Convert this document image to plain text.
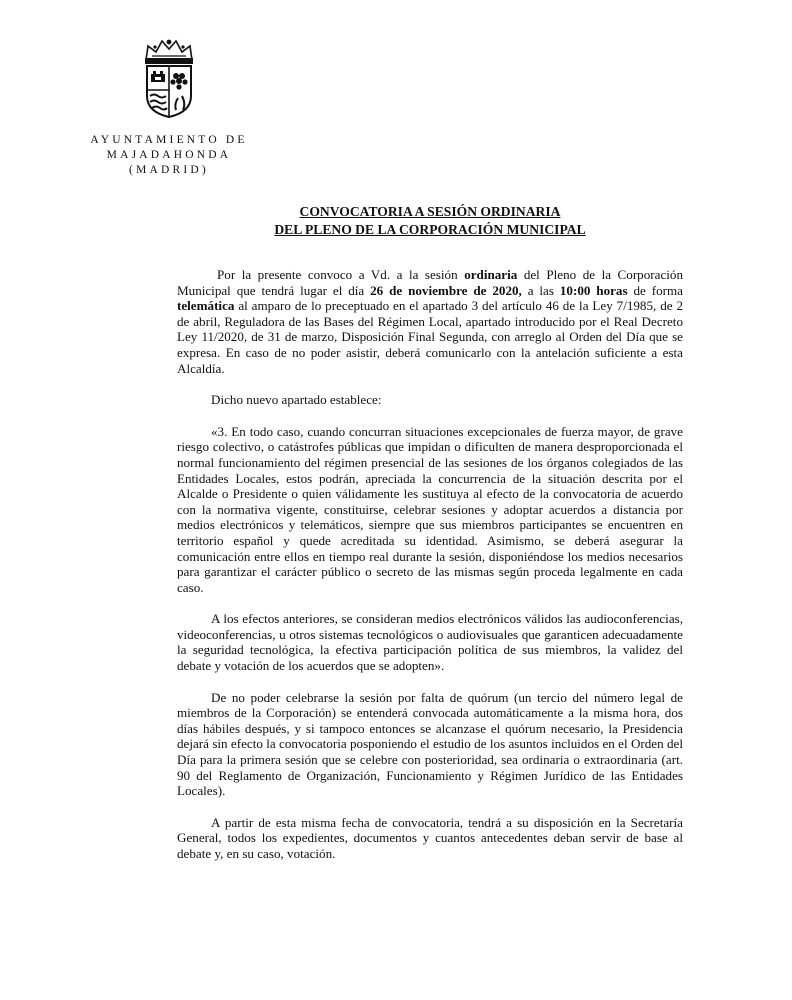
AYUNTAMIENTO DE
MAJADAHONDA
(MADRID)
CONVOCATORIA A SESIÓN ORDINARIA
DEL PLENO DE LA CORPORACIÓN MUNICIPAL

Por la presente convoco a Vd. a la sesión ordinaria del Pleno de la Corporación Municipal que tendrá lugar el día 26 de noviembre de 2020, a las 10:00 horas de forma telemática al amparo de lo preceptuado en el apartado 3 del artículo 46 de la Ley 7/1985, de 2 de abril, Reguladora de las Bases del Régimen Local, apartado introducido por el Real Decreto Ley 11/2020, de 31 de marzo, Disposición Final Segunda, con arreglo al Orden del Día que se expresa. En caso de no poder asistir, deberá comunicarlo con la antelación suficiente a esta Alcaldía.

Dicho nuevo apartado establece:

«3. En todo caso, cuando concurran situaciones excepcionales de fuerza mayor, de grave riesgo colectivo, o catástrofes públicas que impidan o dificulten de manera desproporcionada el normal funcionamiento del régimen presencial de las sesiones de los órganos colegiados de las Entidades Locales, estos podrán, apreciada la concurrencia de la situación descrita por el Alcalde o Presidente o quien válidamente les sustituya al efecto de la convocatoria de acuerdo con la normativa vigente, constituirse, celebrar sesiones y adoptar acuerdos a distancia por medios electrónicos y telemáticos, siempre que sus miembros participantes se encuentren en territorio español y quede acreditada su identidad. Asimismo, se deberá asegurar la comunicación entre ellos en tiempo real durante la sesión, disponiéndose los medios necesarios para garantizar el carácter público o secreto de las mismas según proceda legalmente en cada caso.

A los efectos anteriores, se consideran medios electrónicos válidos las audioconferencias, videoconferencias, u otros sistemas tecnológicos o audiovisuales que garanticen adecuadamente la seguridad tecnológica, la efectiva participación política de sus miembros, la validez del debate y votación de los acuerdos que se adopten».

De no poder celebrarse la sesión por falta de quórum (un tercio del número legal de miembros de la Corporación) se entenderá convocada automáticamente a la misma hora, dos días hábiles después, y si tampoco entonces se alcanzase el quórum necesario, la Presidencia dejará sin efecto la convocatoria posponiendo el estudio de los asuntos incluidos en el Orden del Día para la primera sesión que se celebre con posterioridad, sea ordinaria o extraordinaria (art. 90 del Reglamento de Organización, Funcionamiento y Régimen Jurídico de las Entidades Locales).

A partir de esta misma fecha de convocatoria, tendrá a su disposición en la Secretaría General, todos los expedientes, documentos y cuantos antecedentes deban servir de base al debate y, en su caso, votación.
